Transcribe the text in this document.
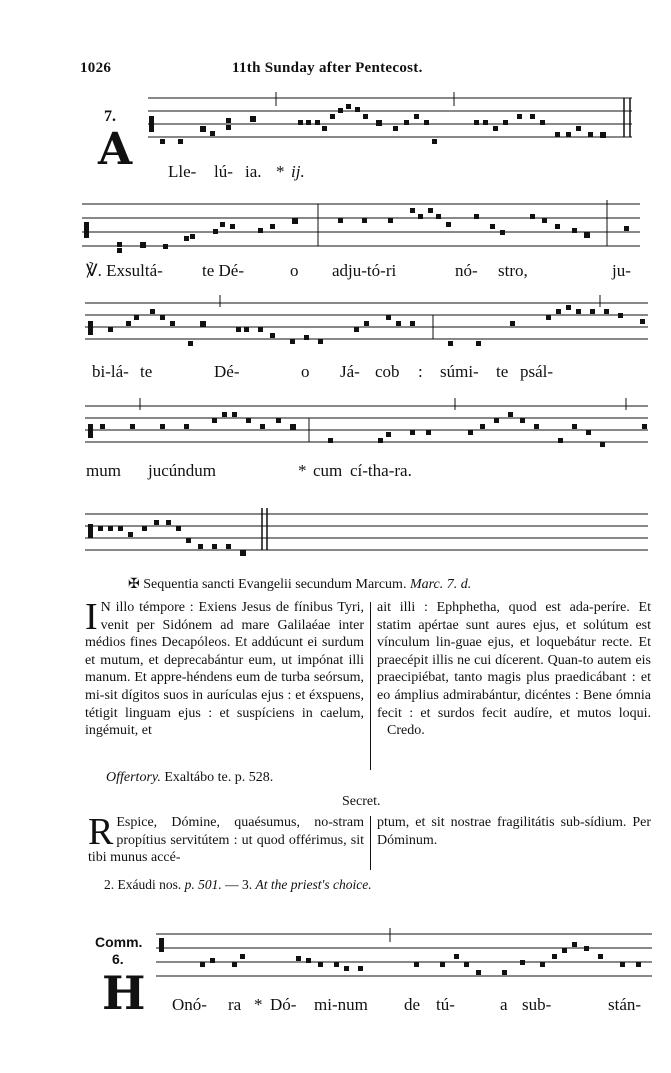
1026	11th Sunday after Pentecost.
7.
A Lle- lú- ia. * ij.
℣. Exsultá- te Dé-	o adju-tó-ri	nó- stro,	ju-
bi-lá- te	Dé-	o Já- cob : súmi- te psál-
mum jucúndum	* cum cí-tha-ra.
✠ Sequentia sancti Evangelii secundum Marcum. Marc. 7. d.
I N illo témpore : Exiens Jesus de fínibus Tyri, venit per Sidónem ad mare Galilaéae inter médios fines Decapóleos. Et addúcunt ei surdum et mutum, et deprecabántur eum, ut impónat illi manum. Et appre-héndens eum de turba seórsum, mi-sit dígitos suos in aurículas ejus : et éxspuens, tétigit linguam ejus : et suspíciens in caelum, ingémuit, et
ait illi : Ephphetha, quod est ada-períre. Et statim apértae sunt aures ejus, et solútum est vínculum lin-guae ejus, et loquebátur recte. Et praecépit illis ne cui dícerent. Quan-to autem eis praecipiébat, tanto magis plus praedicábant : et eo ámplius admirabántur, dicéntes : Bene ómnia fecit : et surdos fecit audíre, et mutos loqui. Credo.
Offertory. Exaltábo te. p. 528.
Secret.
R Espice, Dómine, quaésumus, no-stram propítius servitútem : ut quod offérimus, sit tibi munus accé-
ptum, et sit nostrae fragilitátis sub-sídium. Per Dóminum.
2. Exáudi nos. p. 501. — 3. At the priest's choice.
Comm.
6.
H Onó- ra * Dó- mi-num de tú-	a sub-	stán-
